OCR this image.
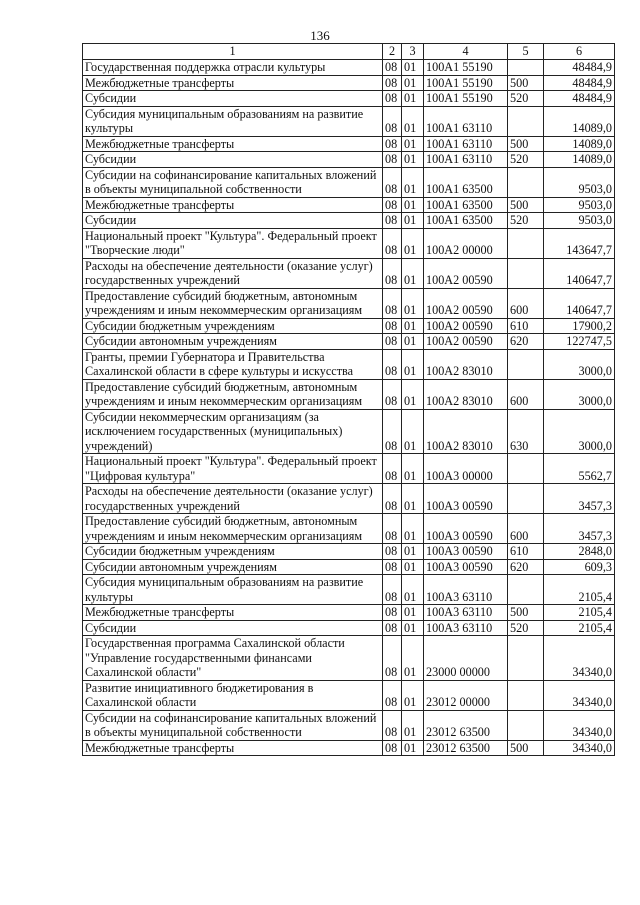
136
1	2	3	4	5	6
Государственная поддержка отрасли культуры	08	01	100А1 55190		48484,9
Межбюджетные трансферты	08	01	100А1 55190	500	48484,9
Субсидии	08	01	100А1 55190	520	48484,9
Субсидия муниципальным образованиям на развитие культуры	08	01	100А1 63110		14089,0
Межбюджетные трансферты	08	01	100А1 63110	500	14089,0
Субсидии	08	01	100А1 63110	520	14089,0
Субсидии на софинансирование капитальных вложений в объекты муниципальной собственности	08	01	100А1 63500		9503,0
Межбюджетные трансферты	08	01	100А1 63500	500	9503,0
Субсидии	08	01	100А1 63500	520	9503,0
Национальный проект "Культура". Федеральный проект "Творческие люди"	08	01	100А2 00000		143647,7
Расходы на обеспечение деятельности (оказание услуг) государственных учреждений	08	01	100А2 00590		140647,7
Предоставление субсидий бюджетным, автономным учреждениям и иным некоммерческим организациям	08	01	100А2 00590	600	140647,7
Субсидии бюджетным учреждениям	08	01	100А2 00590	610	17900,2
Субсидии автономным учреждениям	08	01	100А2 00590	620	122747,5
Гранты, премии Губернатора и Правительства Сахалинской области в сфере культуры и искусства	08	01	100А2 83010		3000,0
Предоставление субсидий бюджетным, автономным учреждениям и иным некоммерческим организациям	08	01	100А2 83010	600	3000,0
Субсидии некоммерческим организациям (за исключением государственных (муниципальных) учреждений)	08	01	100А2 83010	630	3000,0
Национальный проект "Культура". Федеральный проект "Цифровая культура"	08	01	100А3 00000		5562,7
Расходы на обеспечение деятельности (оказание услуг) государственных учреждений	08	01	100А3 00590		3457,3
Предоставление субсидий бюджетным, автономным учреждениям и иным некоммерческим организациям	08	01	100А3 00590	600	3457,3
Субсидии бюджетным учреждениям	08	01	100А3 00590	610	2848,0
Субсидии автономным учреждениям	08	01	100А3 00590	620	609,3
Субсидия муниципальным образованиям на развитие культуры	08	01	100А3 63110		2105,4
Межбюджетные трансферты	08	01	100А3 63110	500	2105,4
Субсидии	08	01	100А3 63110	520	2105,4
Государственная программа Сахалинской области "Управление государственными финансами Сахалинской области"	08	01	23000 00000		34340,0
Развитие инициативного бюджетирования в Сахалинской области	08	01	23012 00000		34340,0
Субсидии на софинансирование капитальных вложений в объекты муниципальной собственности	08	01	23012 63500		34340,0
Межбюджетные трансферты	08	01	23012 63500	500	34340,0
